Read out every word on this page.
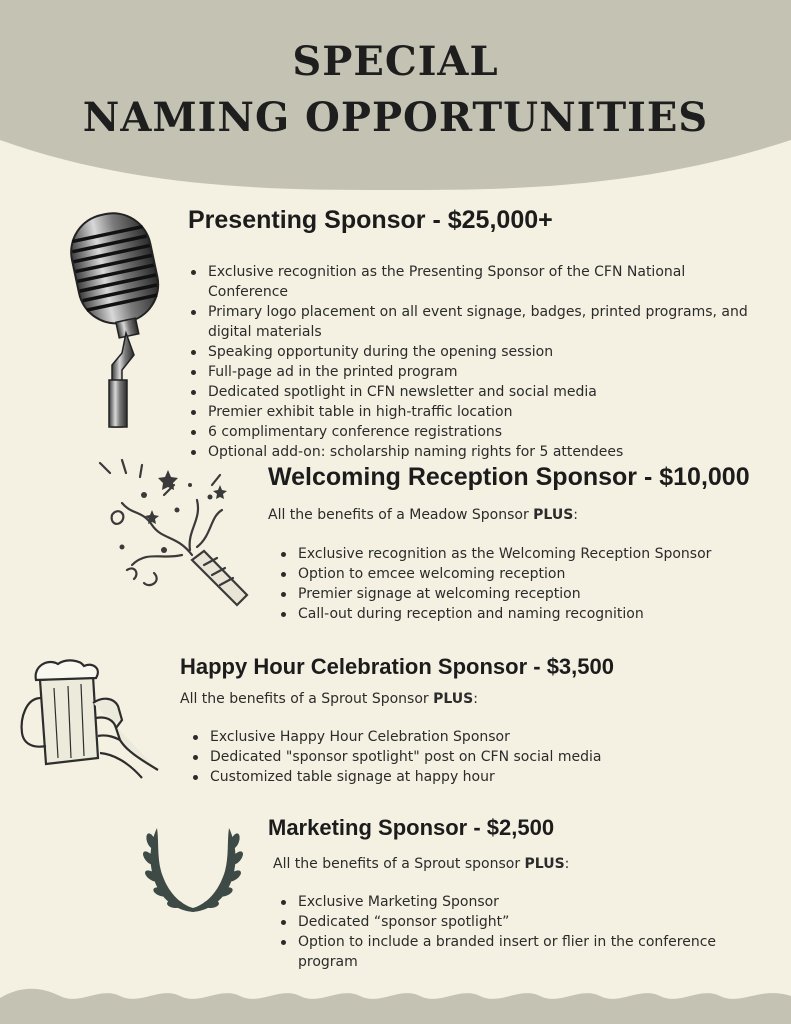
SPECIAL
NAMING OPPORTUNITIES
Presenting Sponsor - $25,000+
Exclusive recognition as the Presenting Sponsor of the CFN National Conference
Primary logo placement on all event signage, badges, printed programs, and digital materials
Speaking opportunity during the opening session
Full-page ad in the printed program
Dedicated spotlight in CFN newsletter and social media
Premier exhibit table in high-traffic location
6 complimentary conference registrations
Optional add-on: scholarship naming rights for 5 attendees
Welcoming Reception Sponsor - $10,000
All the benefits of a Meadow Sponsor PLUS:
Exclusive recognition as the Welcoming Reception Sponsor
Option to emcee welcoming reception
Premier signage at welcoming reception
Call-out during reception and naming recognition
Happy Hour Celebration Sponsor - $3,500
All the benefits of a Sprout Sponsor PLUS:
Exclusive Happy Hour Celebration Sponsor
Dedicated "sponsor spotlight" post on CFN social media
Customized table signage at happy hour
Marketing Sponsor - $2,500
All the benefits of a Sprout sponsor PLUS:
Exclusive Marketing Sponsor
Dedicated “sponsor spotlight”
Option to include a branded insert or flier in the conference program
